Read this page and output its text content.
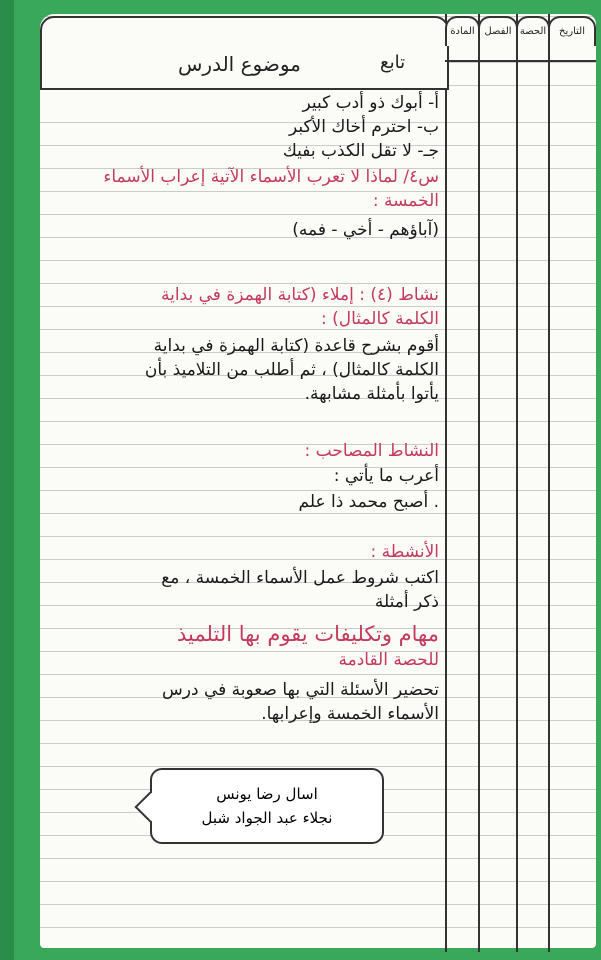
التاريخ
الحصة
الفصل
المادة
موضوع الدرس	تابع
أ- أبوك ذو أدب كبير
ب- احترم أخاك الأكبر
جـ- لا تقل الكذب بفيك
س٤/ لماذا لا تعرب الأسماء الآتية إعراب الأسماء
الخمسة :
(آباؤهم - أخي - فمه)
نشاط (٤) : إملاء (كتابة الهمزة في بداية
الكلمة كالمثال) :
أقوم بشرح قاعدة (كتابة الهمزة في بداية
الكلمة كالمثال) ، ثم أطلب من التلاميذ بأن
يأتوا بأمثلة مشابهة.
النشاط المصاحب :
أعرب ما يأتي :
. أصبح محمد ذا علم
الأنشطة :
اكتب شروط عمل الأسماء الخمسة ، مع
ذكر أمثلة
مهام وتكليفات يقوم بها التلميذ
للحصة القادمة
تحضير الأسئلة التي بها صعوبة في درس
الأسماء الخمسة وإعرابها.
اسال رضا يونس
نجلاء عبد الجواد شبل
